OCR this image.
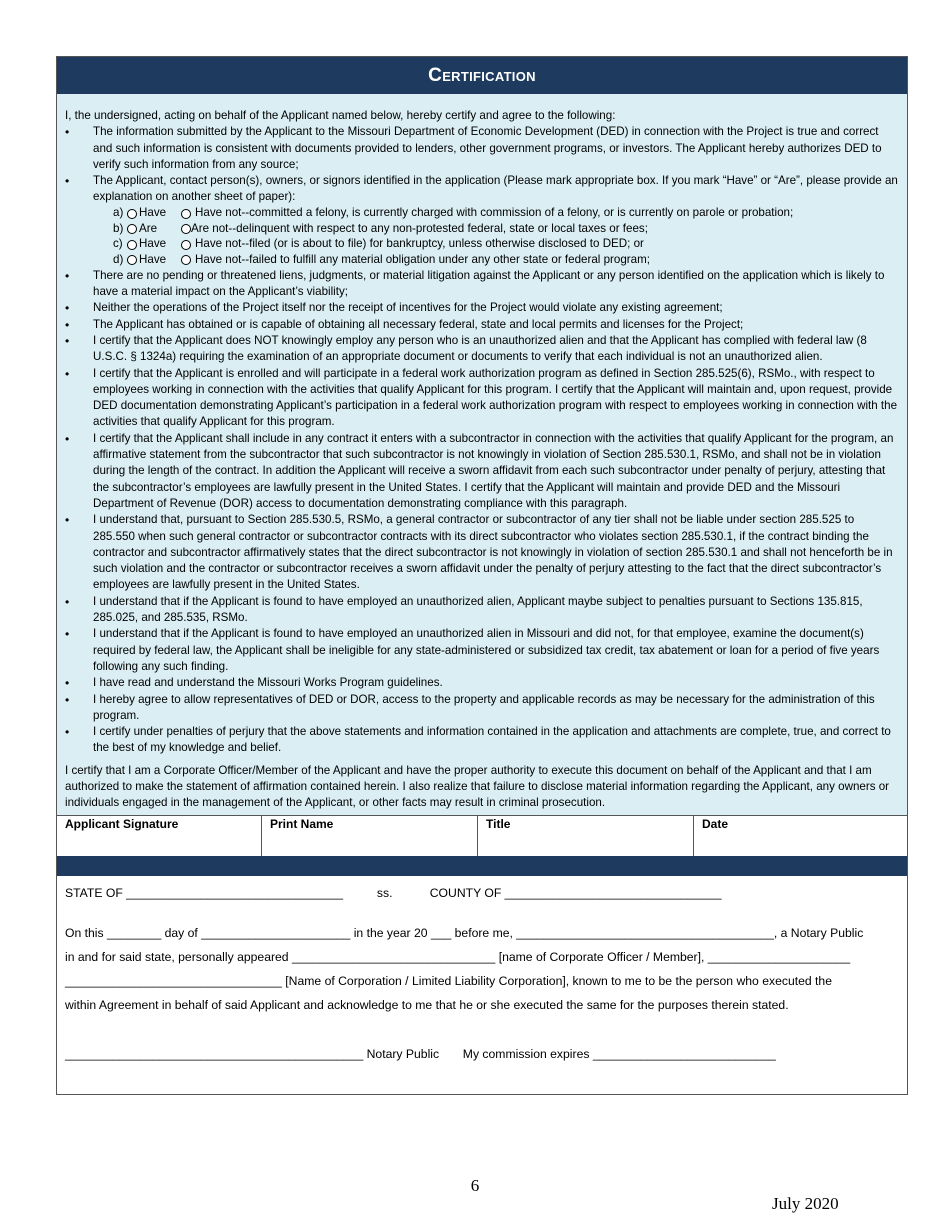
Certification

I, the undersigned, acting on behalf of the Applicant named below, hereby certify and agree to the following:

• The information submitted by the Applicant to the Missouri Department of Economic Development (DED) in connection with the Project is true and correct and such information is consistent with documents provided to lenders, other government programs, or investors. The Applicant hereby authorizes DED to verify such information from any source;
• The Applicant, contact person(s), owners, or signors identified in the application (Please mark appropriate box. If you mark “Have” or “Are”, please provide an explanation on another sheet of paper):
a)	Have	Have not--committed a felony, is currently charged with commission of a felony, or is currently on parole or probation;
b)	Are	Are not--delinquent with respect to any non-protested federal, state or local taxes or fees;
c)	Have	Have not--filed (or is about to file) for bankruptcy, unless otherwise disclosed to DED; or
d)	Have	Have not--failed to fulfill any material obligation under any other state or federal program;
• There are no pending or threatened liens, judgments, or material litigation against the Applicant or any person identified on the application which is likely to have a material impact on the Applicant’s viability;
• Neither the operations of the Project itself nor the receipt of incentives for the Project would violate any existing agreement;
• The Applicant has obtained or is capable of obtaining all necessary federal, state and local permits and licenses for the Project;
• I certify that the Applicant does NOT knowingly employ any person who is an unauthorized alien and that the Applicant has complied with federal law (8 U.S.C. § 1324a) requiring the examination of an appropriate document or documents to verify that each individual is not an unauthorized alien.
• I certify that the Applicant is enrolled and will participate in a federal work authorization program as defined in Section 285.525(6), RSMo., with respect to employees working in connection with the activities that qualify Applicant for this program. I certify that the Applicant will maintain and, upon request, provide DED documentation demonstrating Applicant’s participation in a federal work authorization program with respect to employees working in connection with the activities that qualify Applicant for this program.
• I certify that the Applicant shall include in any contract it enters with a subcontractor in connection with the activities that qualify Applicant for the program, an affirmative statement from the subcontractor that such subcontractor is not knowingly in violation of Section 285.530.1, RSMo, and shall not be in violation during the length of the contract. In addition the Applicant will receive a sworn affidavit from each such subcontractor under penalty of perjury, attesting that the subcontractor’s employees are lawfully present in the United States. I certify that the Applicant will maintain and provide DED and the Missouri Department of Revenue (DOR) access to documentation demonstrating compliance with this paragraph.
• I understand that, pursuant to Section 285.530.5, RSMo, a general contractor or subcontractor of any tier shall not be liable under section 285.525 to 285.550 when such general contractor or subcontractor contracts with its direct subcontractor who violates section 285.530.1, if the contract binding the contractor and subcontractor affirmatively states that the direct subcontractor is not knowingly in violation of section 285.530.1 and shall not henceforth be in such violation and the contractor or subcontractor receives a sworn affidavit under the penalty of perjury attesting to the fact that the direct subcontractor’s employees are lawfully present in the United States.
• I understand that if the Applicant is found to have employed an unauthorized alien, Applicant maybe subject to penalties pursuant to Sections 135.815, 285.025, and 285.535, RSMo.
• I understand that if the Applicant is found to have employed an unauthorized alien in Missouri and did not, for that employee, examine the document(s) required by federal law, the Applicant shall be ineligible for any state-administered or subsidized tax credit, tax abatement or loan for a period of five years following any such finding.
• I have read and understand the Missouri Works Program guidelines.
• I hereby agree to allow representatives of DED or DOR, access to the property and applicable records as may be necessary for the administration of this program.
• I certify under penalties of perjury that the above statements and information contained in the application and attachments are complete, true, and correct to the best of my knowledge and belief.

I certify that I am a Corporate Officer/Member of the Applicant and have the proper authority to execute this document on behalf of the Applicant and that I am authorized to make the statement of affirmation contained herein. I also realize that failure to disclose material information regarding the Applicant, any owners or individuals engaged in the management of the Applicant, or other facts may result in criminal prosecution.

Applicant Signature	Print Name	Title	Date
STATE OF ________________________________          ss.           COUNTY OF ________________________________
On this ________ day of ______________________ in the year 20 ___ before me, ______________________________________, a Notary Public
in and for said state, personally appeared ______________________________ [name of Corporate Officer / Member], _____________________
________________________________ [Name of Corporation / Limited Liability Corporation], known to me to be the person who executed the
within Agreement in behalf of said Applicant and acknowledge to me that he or she executed the same for the purposes therein stated.
____________________________________________ Notary Public       My commission expires ___________________________
6
July 2020
